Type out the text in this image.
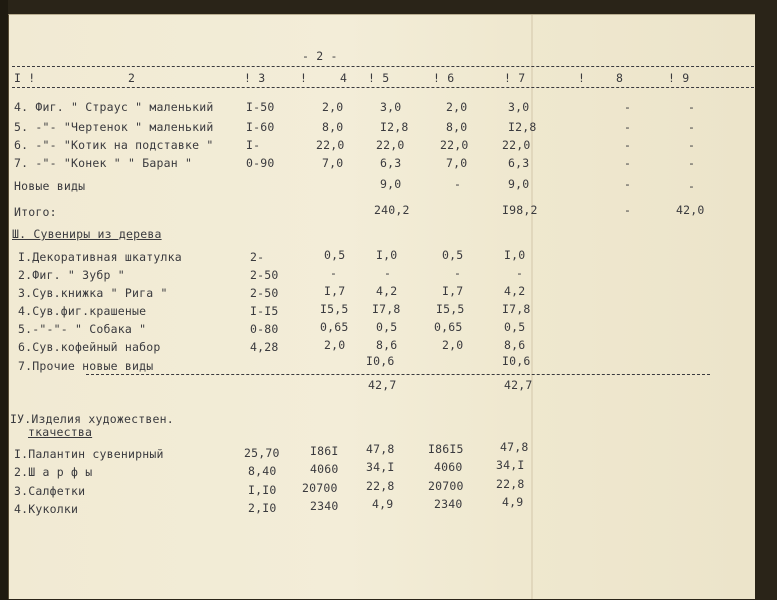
- 2 -
I !	2	! 3	!	4 ! 5	! 6	! 7	!	8	! 9
4. Фиг. " Страус " маленький	I-50	2,0	3,0	2,0	3,0	-	-
5. -"- "Чертенок " маленький	I-60	8,0	I2,8	8,0	I2,8	-	-
6. -"- "Котик на подставке "	I-	22,0	22,0	22,0	22,0	-	-
7. -"- "Конек " " Баран "	0-90	7,0	6,3	7,0	6,3	-	-
Новые виды	9,0	-	9,0	-	-
Итого:	240,2	I98,2	-	42,0
Ш. Сувениры из дерева
I.Декоративная шкатулка	2-	0,5	I,0	0,5	I,0
2.Фиг. " Зубр "	2-50	-	-	-	-
3.Сув.книжка " Рига "	2-50	I,7	4,2	I,7	4,2
4.Сув.фиг.крашеные	I-I5	I5,5 I7,8	I5,5	I7,8
5.-"-"- " Собака "	0-80	0,65 0,5	0,65	0,5
6.Сув.кофейный набор	4,28	2,0	8,6	2,0	8,6
7.Прочие новые виды	I0,6	I0,6
42,7	42,7
IУ.Изделия художествен.
ткачества
I.Палантин сувенирный	25,70	I86I 47,8	I86I5	47,8
2.Ш а р ф ы	8,40	4060 34,I	4060	34,I
3.Салфетки	I,I0 20700 22,8	20700	22,8
4.Куколки	2,I0	2340	4,9	2340	4,9
